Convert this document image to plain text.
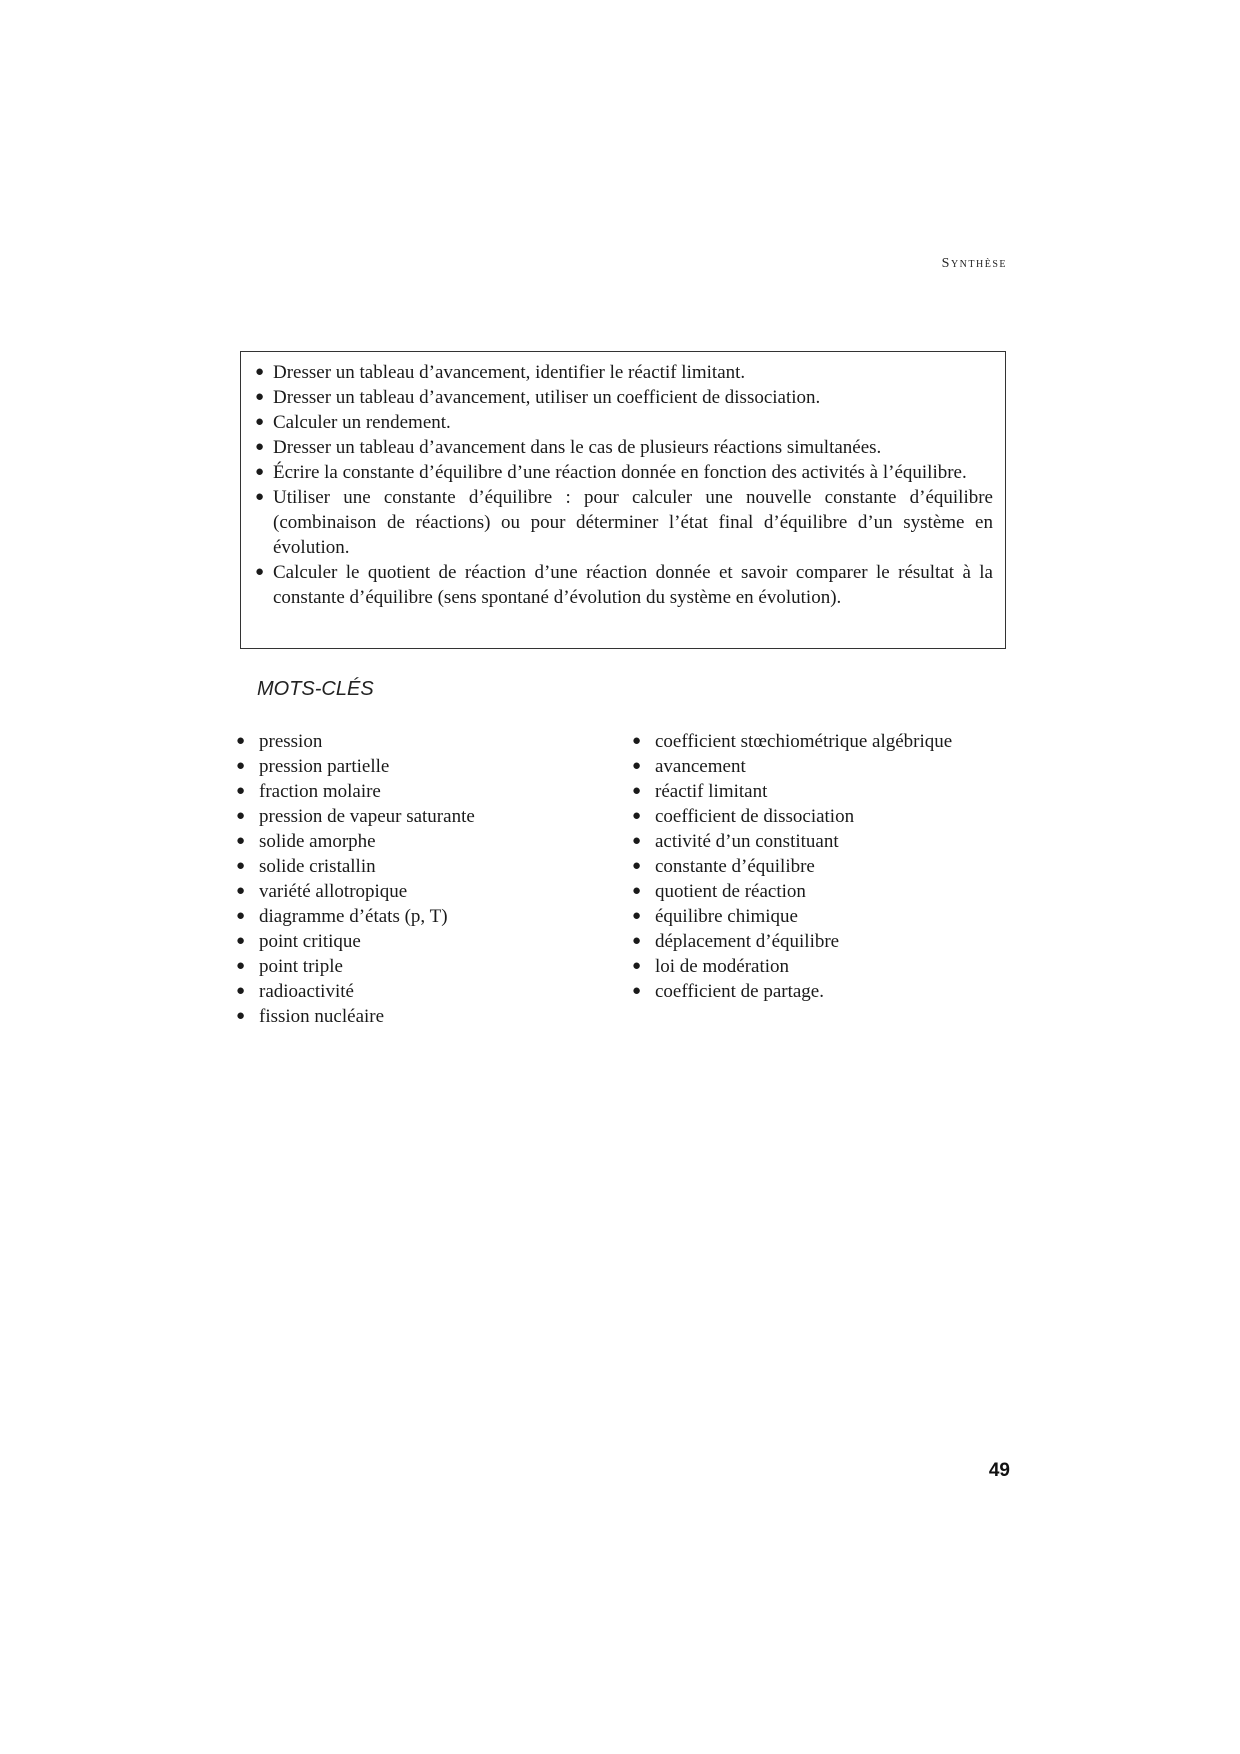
Synthèse
● Dresser un tableau d’avancement, identifier le réactif limitant.
● Dresser un tableau d’avancement, utiliser un coefficient de dissociation.
● Calculer un rendement.
● Dresser un tableau d’avancement dans le cas de plusieurs réactions simultanées.
● Écrire la constante d’équilibre d’une réaction donnée en fonction des activités à l’équilibre.
● Utiliser une constante d’équilibre : pour calculer une nouvelle constante d’équilibre (combinaison de réactions) ou pour déterminer l’état final d’équilibre d’un système en évolution.
● Calculer le quotient de réaction d’une réaction donnée et savoir comparer le résultat à la constante d’équilibre (sens spontané d’évolution du système en évolution).
MOTS-CLÉS
● pression
● pression partielle
● fraction molaire
● pression de vapeur saturante
● solide amorphe
● solide cristallin
● variété allotropique
● diagramme d’états (p, T)
● point critique
● point triple
● radioactivité
● fission nucléaire
● coefficient stœchiométrique algébrique
● avancement
● réactif limitant
● coefficient de dissociation
● activité d’un constituant
● constante d’équilibre
● quotient de réaction
● équilibre chimique
● déplacement d’équilibre
● loi de modération
● coefficient de partage.
49
